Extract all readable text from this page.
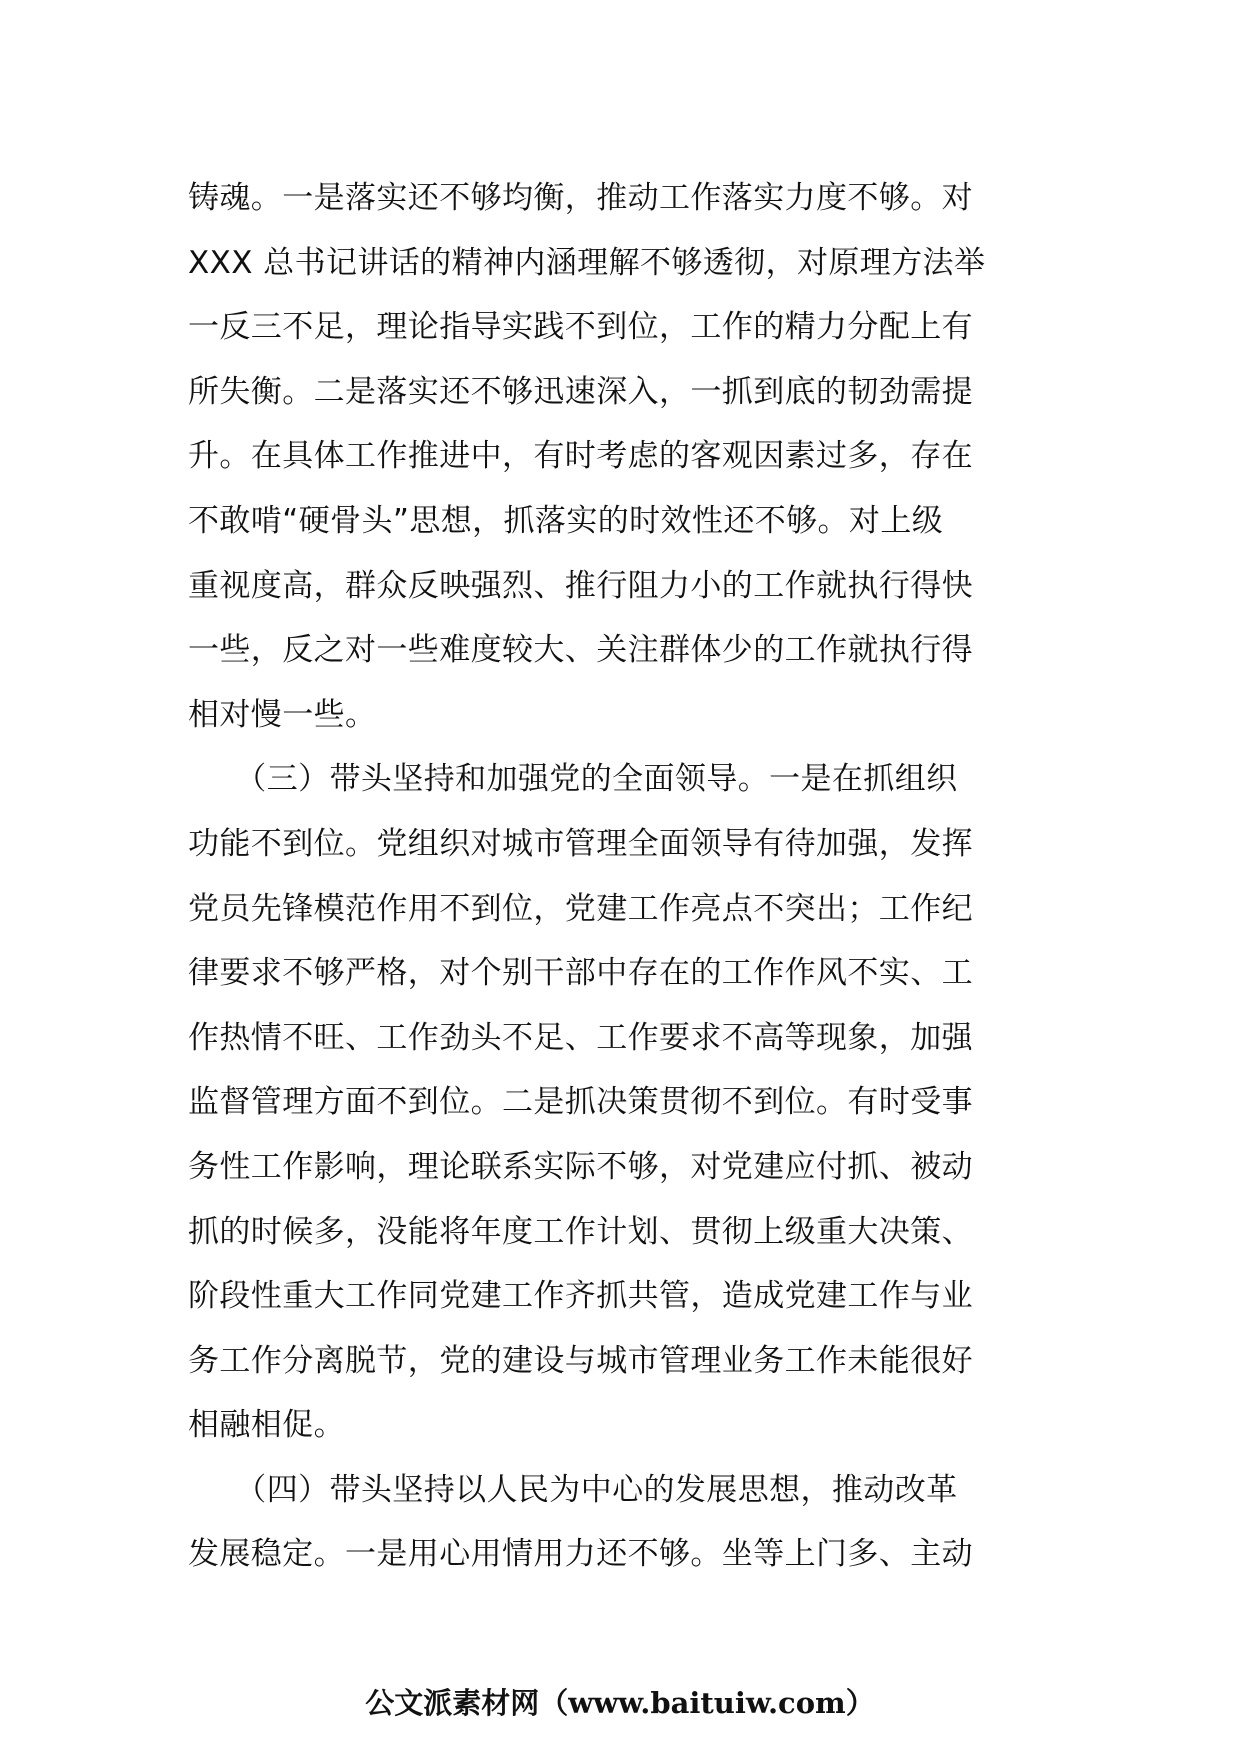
铸魂。一是落实还不够均衡，推动工作落实力度不够。对
XXX 总书记讲话的精神内涵理解不够透彻，对原理方法举
一反三不足，理论指导实践不到位，工作的精力分配上有
所失衡。二是落实还不够迅速深入，一抓到底的韧劲需提
升。在具体工作推进中，有时考虑的客观因素过多，存在
不敢啃“硬骨头”思想，抓落实的时效性还不够。对上级
重视度高，群众反映强烈、推行阻力小的工作就执行得快
一些，反之对一些难度较大、关注群体少的工作就执行得
相对慢一些。
　　（三）带头坚持和加强党的全面领导。一是在抓组织
功能不到位。党组织对城市管理全面领导有待加强，发挥
党员先锋模范作用不到位，党建工作亮点不突出；工作纪
律要求不够严格，对个别干部中存在的工作作风不实、工
作热情不旺、工作劲头不足、工作要求不高等现象，加强
监督管理方面不到位。二是抓决策贯彻不到位。有时受事
务性工作影响，理论联系实际不够，对党建应付抓、被动
抓的时候多，没能将年度工作计划、贯彻上级重大决策、
阶段性重大工作同党建工作齐抓共管，造成党建工作与业
务工作分离脱节，党的建设与城市管理业务工作未能很好
相融相促。
　　（四）带头坚持以人民为中心的发展思想，推动改革
发展稳定。一是用心用情用力还不够。坐等上门多、主动
公文派素材网（www.baituiw.com）
